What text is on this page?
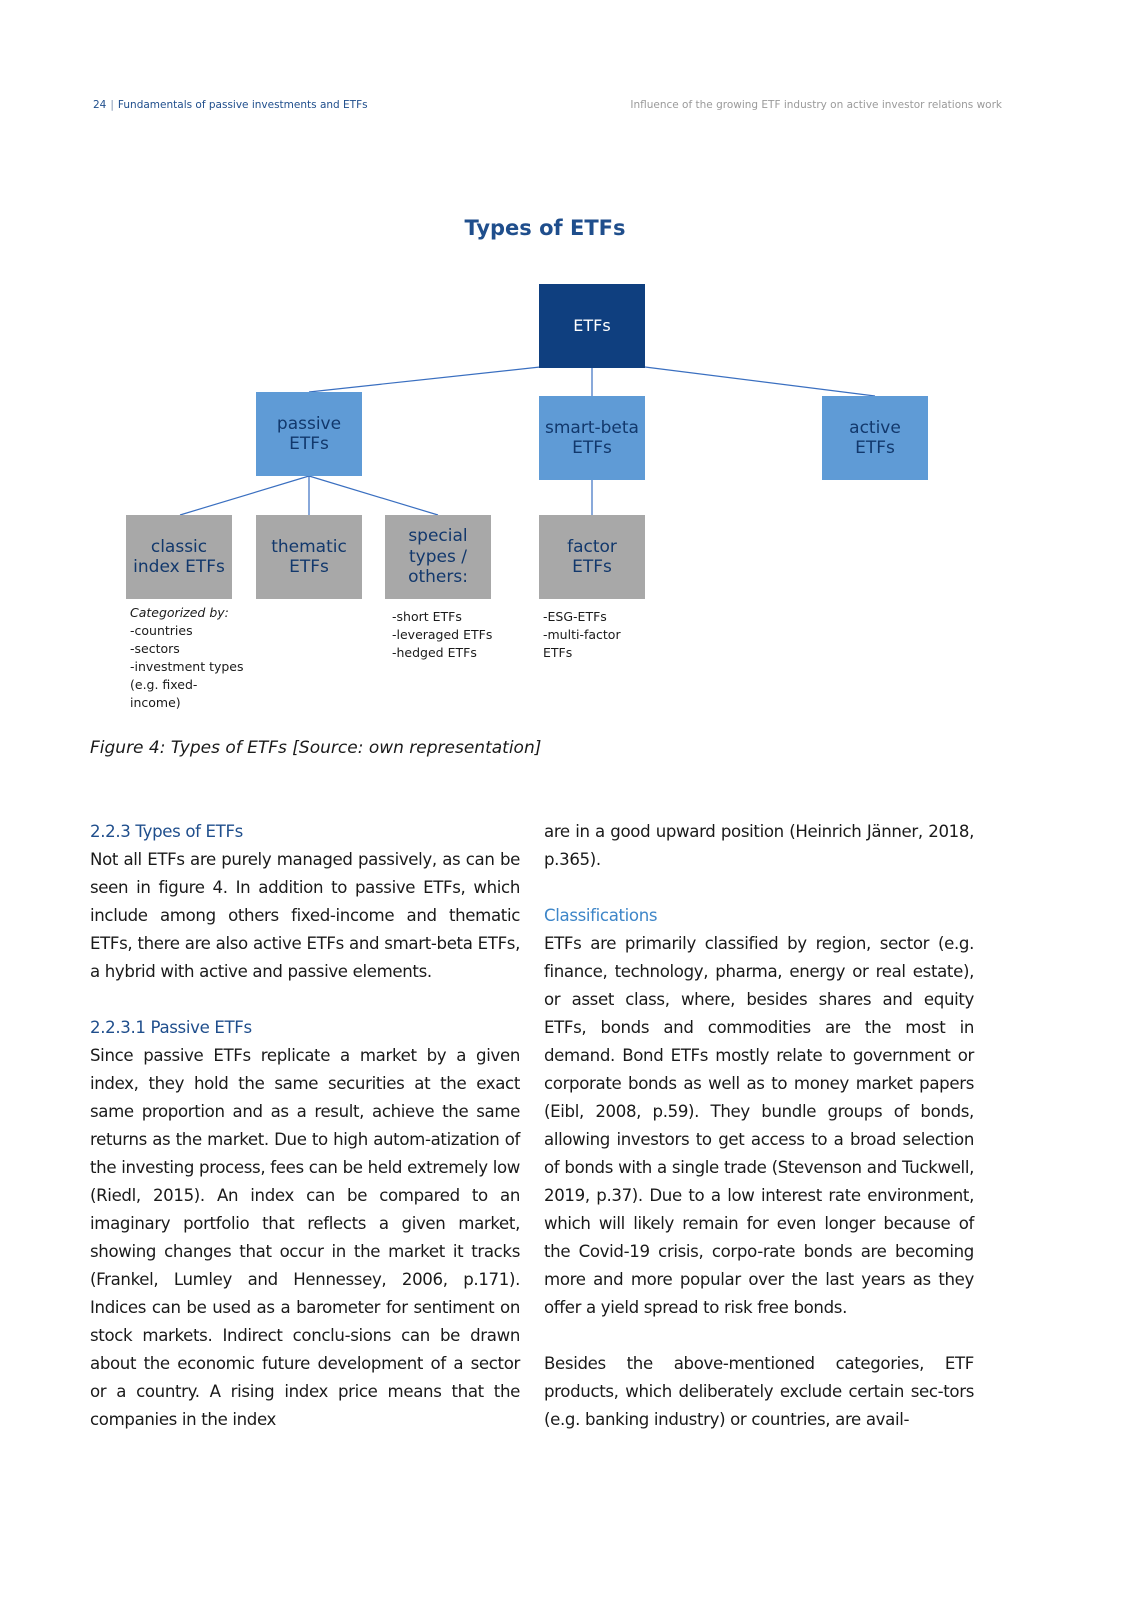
24 | Fundamentals of passive investments and ETFs	Influence of the growing ETF industry on active investor relations work
Types of ETFs
ETFs
passive
ETFs
smart-beta
ETFs
active
ETFs
classic
index ETFs
thematic
ETFs
special
types /
others:
factor
ETFs
Categorized by:
-countries
-sectors
-investment types
(e.g. fixed-
income)
-short ETFs
-leveraged ETFs
-hedged ETFs
-ESG-ETFs
-multi-factor
ETFs
Figure 4: Types of ETFs [Source: own representation]
2.2.3 Types of ETFs
Not all ETFs are purely managed passively, as can be seen in figure 4. In addition to passive ETFs, which include among others fixed-income and thematic ETFs, there are also active ETFs and smart-beta ETFs, a hybrid with active and passive elements.
2.2.3.1 Passive ETFs
Since passive ETFs replicate a market by a given index, they hold the same securities at the exact same proportion and as a result, achieve the same returns as the market. Due to high autom-atization of the investing process, fees can be held extremely low (Riedl, 2015). An index can be compared to an imaginary portfolio that reflects a given market, showing changes that occur in the market it tracks (Frankel, Lumley and Hennessey, 2006, p.171). Indices can be used as a barometer for sentiment on stock markets. Indirect conclu-sions can be drawn about the economic future development of a sector or a country. A rising index price means that the companies in the index
are in a good upward position (Heinrich Jänner, 2018, p.365).
Classifications
ETFs are primarily classified by region, sector (e.g. finance, technology, pharma, energy or real estate), or asset class, where, besides shares and equity ETFs, bonds and commodities are the most in demand. Bond ETFs mostly relate to government or corporate bonds as well as to money market papers (Eibl, 2008, p.59). They bundle groups of bonds, allowing investors to get access to a broad selection of bonds with a single trade (Stevenson and Tuckwell, 2019, p.37). Due to a low interest rate environment, which will likely remain for even longer because of the Covid-19 crisis, corpo-rate bonds are becoming more and more popular over the last years as they offer a yield spread to risk free bonds.
Besides the above-mentioned categories, ETF products, which deliberately exclude certain sec-tors (e.g. banking industry) or countries, are avail-
